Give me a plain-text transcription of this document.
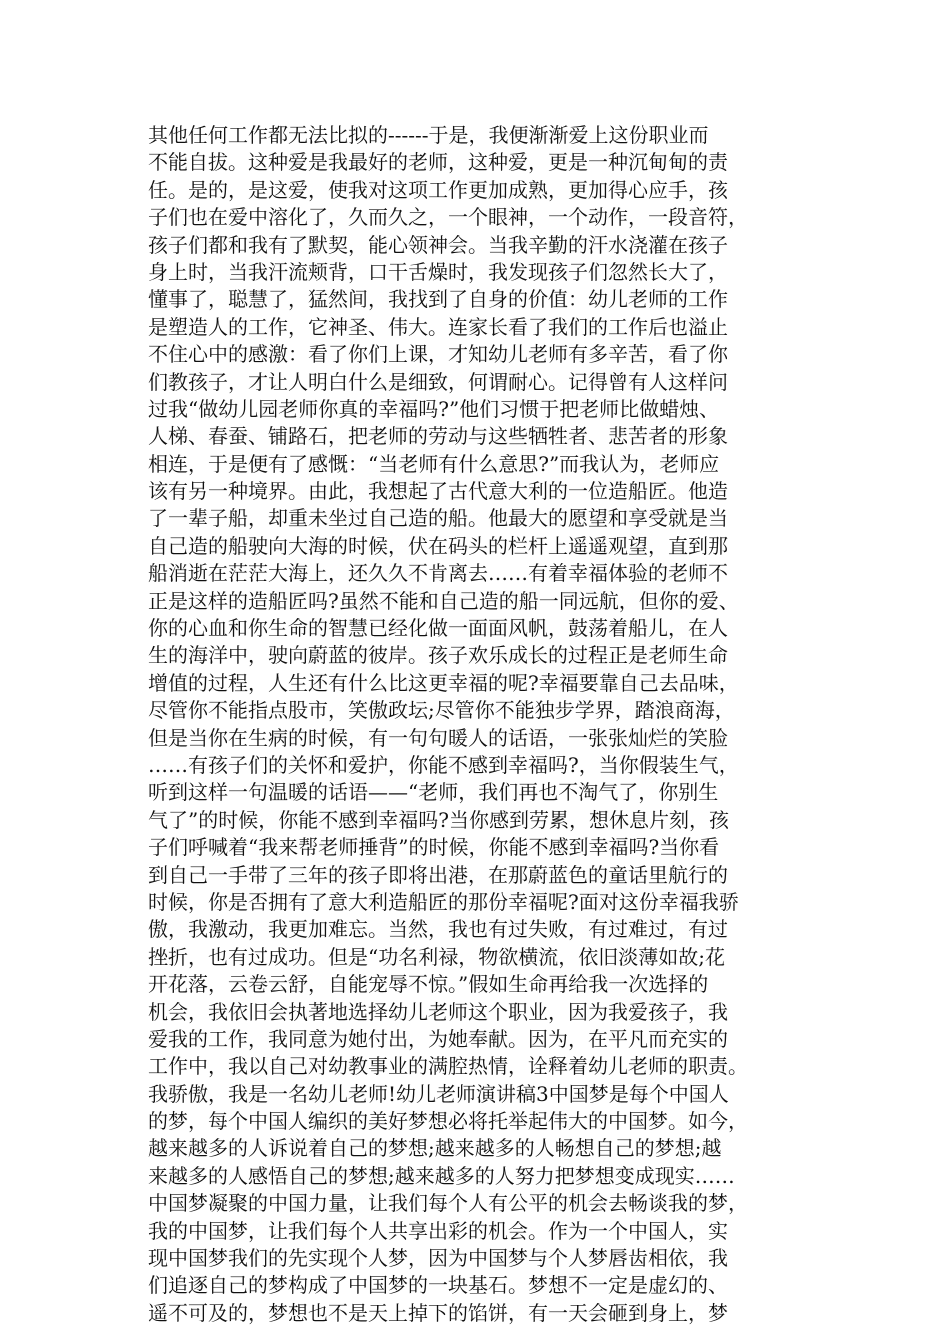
其他任何工作都无法比拟的------于是，我便渐渐爱上这份职业而
不能自拔。这种爱是我最好的老师，这种爱，更是一种沉甸甸的责
任。是的，是这爱，使我对这项工作更加成熟，更加得心应手，孩
子们也在爱中溶化了，久而久之，一个眼神，一个动作，一段音符，
孩子们都和我有了默契，能心领神会。当我辛勤的汗水浇灌在孩子
身上时，当我汗流颊背，口干舌燥时，我发现孩子们忽然长大了，
懂事了，聪慧了，猛然间，我找到了自身的价值：幼儿老师的工作
是塑造人的工作，它神圣、伟大。连家长看了我们的工作后也溢止
不住心中的感激：看了你们上课，才知幼儿老师有多辛苦，看了你
们教孩子，才让人明白什么是细致，何谓耐心。记得曾有人这样问
过我“做幼儿园老师你真的幸福吗?”他们习惯于把老师比做蜡烛、
人梯、春蚕、铺路石，把老师的劳动与这些牺牲者、悲苦者的形象
相连，于是便有了感慨：“当老师有什么意思?”而我认为，老师应
该有另一种境界。由此，我想起了古代意大利的一位造船匠。他造
了一辈子船，却重未坐过自己造的船。他最大的愿望和享受就是当
自己造的船驶向大海的时候，伏在码头的栏杆上遥遥观望，直到那
船消逝在茫茫大海上，还久久不肯离去……有着幸福体验的老师不
正是这样的造船匠吗?虽然不能和自己造的船一同远航，但你的爱、
你的心血和你生命的智慧已经化做一面面风帆，鼓荡着船儿，在人
生的海洋中，驶向蔚蓝的彼岸。孩子欢乐成长的过程正是老师生命
增值的过程，人生还有什么比这更幸福的呢?幸福要靠自己去品味，
尽管你不能指点股市，笑傲政坛;尽管你不能独步学界，踏浪商海，
但是当你在生病的时候，有一句句暖人的话语，一张张灿烂的笑脸
……有孩子们的关怀和爱护，你能不感到幸福吗?，当你假装生气，
听到这样一句温暖的话语——“老师，我们再也不淘气了，你别生
气了”的时候，你能不感到幸福吗?当你感到劳累，想休息片刻，孩
子们呼喊着“我来帮老师捶背”的时候，你能不感到幸福吗?当你看
到自己一手带了三年的孩子即将出港，在那蔚蓝色的童话里航行的
时候，你是否拥有了意大利造船匠的那份幸福呢?面对这份幸福我骄
傲，我激动，我更加难忘。当然，我也有过失败，有过难过，有过
挫折，也有过成功。但是“功名利禄，物欲横流，依旧淡薄如故;花
开花落，云卷云舒，自能宠辱不惊。”假如生命再给我一次选择的
机会，我依旧会执著地选择幼儿老师这个职业，因为我爱孩子，我
爱我的工作，我同意为她付出，为她奉献。因为，在平凡而充实的
工作中，我以自己对幼教事业的满腔热情，诠释着幼儿老师的职责。
我骄傲，我是一名幼儿老师!幼儿老师演讲稿3中国梦是每个中国人
的梦，每个中国人编织的美好梦想必将托举起伟大的中国梦。如今，
越来越多的人诉说着自己的梦想;越来越多的人畅想自己的梦想;越
来越多的人感悟自己的梦想;越来越多的人努力把梦想变成现实……
中国梦凝聚的中国力量，让我们每个人有公平的机会去畅谈我的梦，
我的中国梦，让我们每个人共享出彩的机会。作为一个中国人，实
现中国梦我们的先实现个人梦，因为中国梦与个人梦唇齿相依，我
们追逐自己的梦构成了中国梦的一块基石。梦想不一定是虚幻的、
遥不可及的，梦想也不是天上掉下的馅饼，有一天会砸到身上，梦
